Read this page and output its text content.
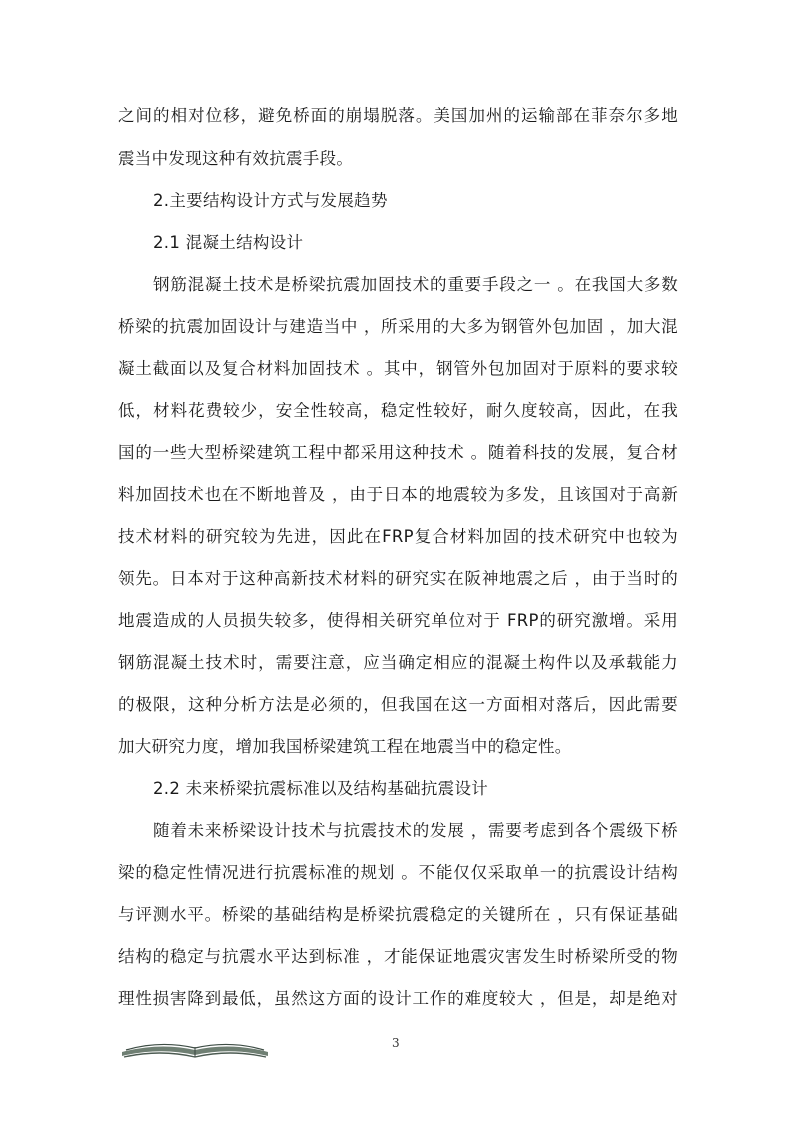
之间的相对位移，避免桥面的崩塌脱落。美国加州的运输部在菲奈尔多地
震当中发现这种有效抗震手段。
2.主要结构设计方式与发展趋势
2.1 混凝土结构设计
钢筋混凝土技术是桥梁抗震加固技术的重要手段之一 。在我国大多数
桥梁的抗震加固设计与建造当中 ，所采用的大多为钢管外包加固 ，加大混
凝土截面以及复合材料加固技术 。其中，钢管外包加固对于原料的要求较
低，材料花费较少，安全性较高，稳定性较好，耐久度较高，因此，在我
国的一些大型桥梁建筑工程中都采用这种技术 。随着科技的发展，复合材
料加固技术也在不断地普及 ，由于日本的地震较为多发，且该国对于高新
技术材料的研究较为先进，因此在FRP复合材料加固的技术研究中也较为
领先。日本对于这种高新技术材料的研究实在阪神地震之后 ，由于当时的
地震造成的人员损失较多，使得相关研究单位对于 FRP的研究激增。采用
钢筋混凝土技术时，需要注意，应当确定相应的混凝土构件以及承载能力
的极限，这种分析方法是必须的，但我国在这一方面相对落后，因此需要
加大研究力度，增加我国桥梁建筑工程在地震当中的稳定性。
2.2 未来桥梁抗震标准以及结构基础抗震设计
随着未来桥梁设计技术与抗震技术的发展 ，需要考虑到各个震级下桥
梁的稳定性情况进行抗震标准的规划 。不能仅仅采取单一的抗震设计结构
与评测水平。桥梁的基础结构是桥梁抗震稳定的关键所在 ，只有保证基础
结构的稳定与抗震水平达到标准 ，才能保证地震灾害发生时桥梁所受的物
理性损害降到最低，虽然这方面的设计工作的难度较大 ，但是，却是绝对
3
